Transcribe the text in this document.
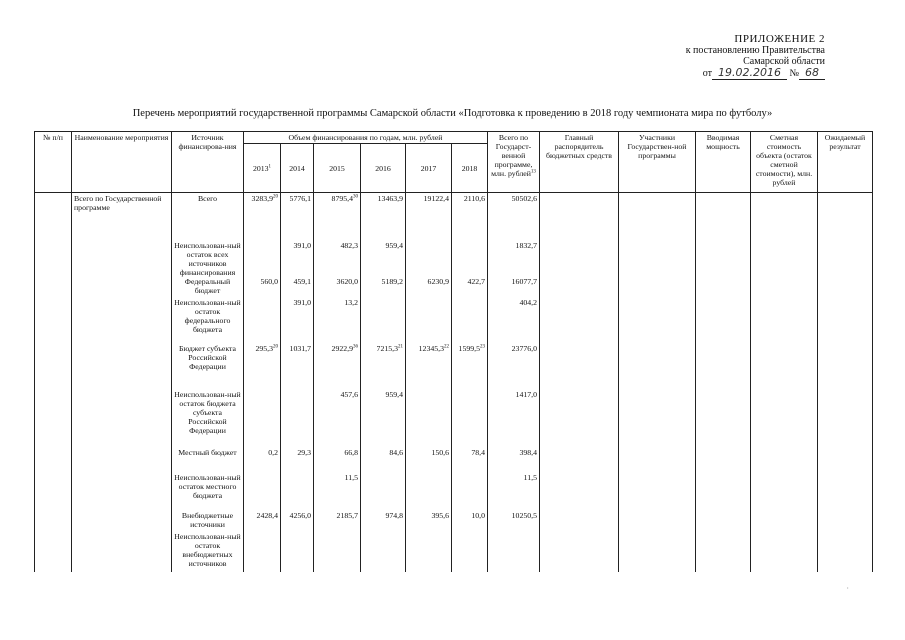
ПРИЛОЖЕНИЕ 2
к постановлению Правительства
Самарской области
от 19.02.2016 № 68
Перечень мероприятий государственной программы Самарской области «Подготовка к проведению в 2018 году чемпионата мира по футболу»
№ п/п	Наименование мероприятия	Источник финансирова-ния	Объем финансирования по годам, млн. рублей						Всего по Государст-венной программе, млн. рублей$^{13}$	Главный распорядитель бюджетных средств	Участники Государствен-ной программы	Вводимая мощность	Сметная стоимость объекта (остаток сметной стоимости), млн. рублей	Ожидаемый результат
			2013$^1$	2014	2015	2016	2017	2018						
	Всего по Государственной программе	Всего	3283,9$^{20}$	5776,1	8795,4$^{30}$	13463,9	19122,4	2110,6	50502,6					
		Неиспользован-ный остаток всех источников финансирования		391,0	482,3	959,4			1832,7					
		Федеральный бюджет	560,0	459,1	3620,0	5189,2	6230,9	422,7	16077,7					
		Неиспользован-ный остаток федерального бюджета		391,0	13,2				404,2					
		Бюджет субъекта Российской Федерации	295,3$^{20}$	1031,7	2922,9$^{36}$	7215,3$^{21}$	12345,3$^{22}$	1599,5$^{23}$	23776,0					
		Неиспользован-ный остаток бюджета субъекта Российской Федерации			457,6	959,4			1417,0					
		Местный бюджет	0,2	29,3	66,8	84,6	150,6	78,4	398,4					
		Неиспользован-ный остаток местного бюджета			11,5				11,5					
		Внебюджетные источники	2428,4	4256,0	2185,7	974,8	395,6	10,0	10250,5					
		Неиспользован-ный остаток внебюджетных источников												
·
